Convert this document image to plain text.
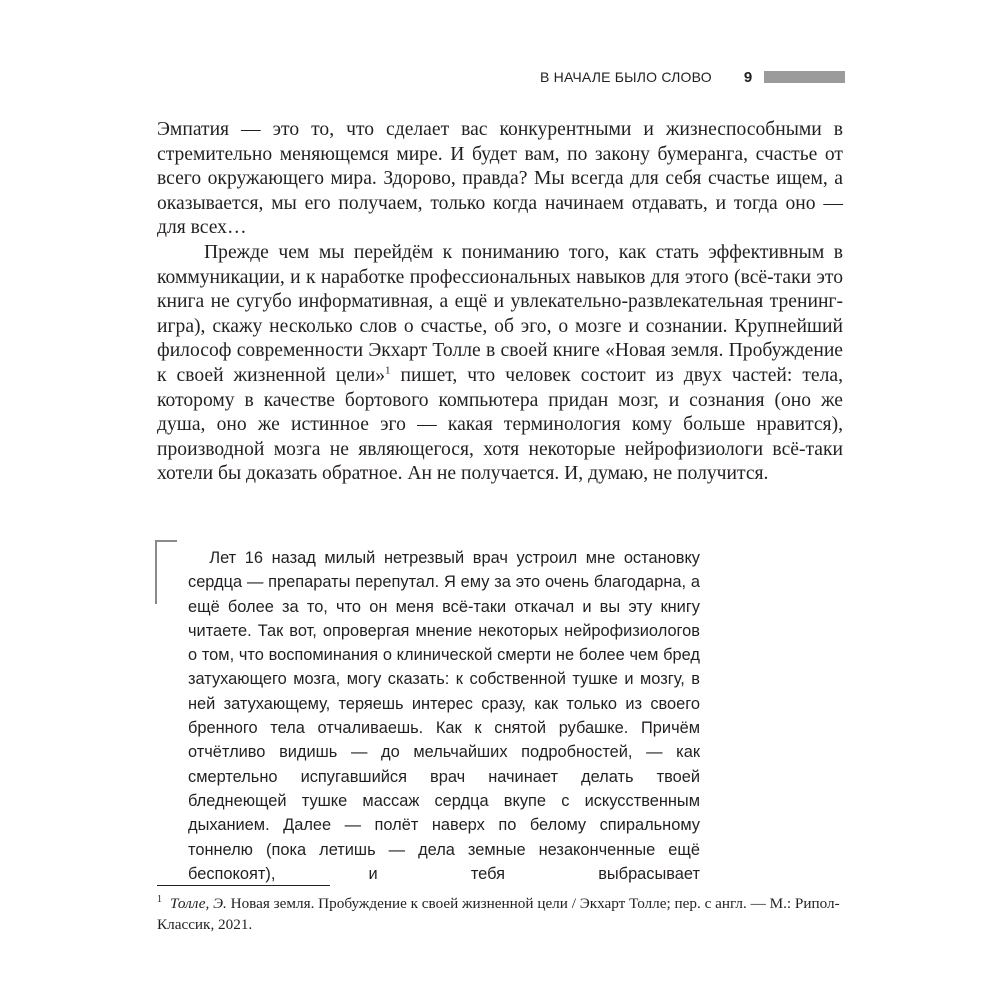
В НАЧАЛЕ БЫЛО СЛОВО 9

Эмпатия — это то, что сделает вас конкурентными и жизнеспособными в стремительно меняющемся мире. И будет вам, по закону бумеранга, счастье от всего окружающего мира. Здорово, правда? Мы всегда для себя счастье ищем, а оказывается, мы его получаем, только когда начинаем отдавать, и тогда оно — для всех…

Прежде чем мы перейдём к пониманию того, как стать эффективным в коммуникации, и к наработке профессиональных навыков для этого (всё-таки это книга не сугубо информативная, а ещё и увлекательно-развлекательная тренинг-игра), скажу несколько слов о счастье, об эго, о мозге и сознании. Крупнейший философ современности Экхарт Толле в своей книге «Новая земля. Пробуждение к своей жизненной цели»$^1$ пишет, что человек состоит из двух частей: тела, которому в качестве бортового компьютера придан мозг, и сознания (оно же душа, оно же истинное эго — какая терминология кому больше нравится), производной мозга не являющегося, хотя некоторые нейрофизиологи всё-таки хотели бы доказать обратное. Ан не получается. И, думаю, не получится.

Лет 16 назад милый нетрезвый врач устроил мне остановку сердца — препараты перепутал. Я ему за это очень благодарна, а ещё более за то, что он меня всё-таки откачал и вы эту книгу читаете. Так вот, опровергая мнение некоторых нейрофизиологов о том, что воспоминания о клинической смерти не более чем бред затухающего мозга, могу сказать: к собственной тушке и мозгу, в ней затухающему, теряешь интерес сразу, как только из своего бренного тела отчаливаешь. Как к снятой рубашке. Причём отчётливо видишь — до мельчайших подробностей, — как смертельно испугавшийся врач начинает делать твоей бледнеющей тушке массаж сердца вкупе с искусственным дыханием. Далее — полёт наверх по белому спиральному тоннелю (пока летишь — дела земные незаконченные ещё беспокоят), и тебя выбрасывает

$^1$ Толле, Э. Новая земля. Пробуждение к своей жизненной цели / Экхарт Толле; пер. с англ. — М.: Рипол-Классик, 2021.
